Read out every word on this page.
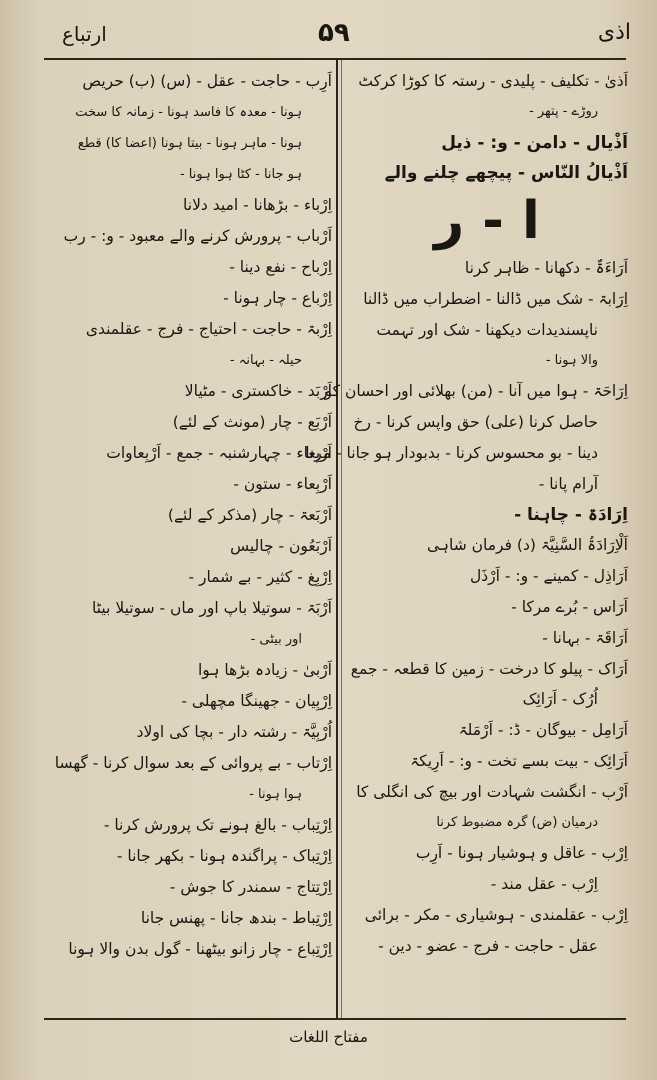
اذی
۵۹
ارتباع
اَذیٰ - تکلیف - پلیدی - رستہ کا کوڑا کرکٹ
روڑے - پتھر -
اَذْیال - دامن - و: - ذیل
اَذْیالُ النّاس - پیچھے چلنے والے
ا - ر
اَرَاءَۃٌ - دکھانا - ظاہر کرنا
اِرَابۃ - شک میں ڈالنا - اضطراب میں ڈالنا
ناپسندیدات دیکھنا - شک اور تہمت
والا ہونا -
اِرَاحَۃ - ہوا میں آنا - (من) بھلائی اور احسان کو
حاصل کرنا (علی) حق واپس کرنا - رخ
دینا - بو محسوس کرنا - بدبودار ہو جانا - مرنا
آرام پانا -
اِرَادَۃ - چاہنا -
اَلْاِرَادَۃُ السَّنِیَّۃ (د) فرمان شاہی
اَرَاذِل - کمینے - و: - اَرْذَل
اَرَاس - بُرے مرکا -
اَرَاقَۃ - بہانا -
اَرَاک - پیلو کا درخت - زمین کا قطعہ - جمع
اُرُک - اَرَائِک
اَرَامِل - بیوگان - ڈ: - اَرْمَلۃ
اَرَائِک - بیت بسے تخت - و: - اَرِیکۃ
اَرْب - انگشت شہادت اور بیچ کی انگلی کا
درمیان (ض) گرہ مضبوط کرنا
اِرْب - عاقل و ہوشیار ہونا - اَرِب
اِرْب - عقل مند -
اِرْب - عقلمندی - ہوشیاری - مکر - برائی
عقل - حاجت - فرج - عضو - دین -
اَرِب - حاجت - عقل - (س) (ب) حریص
ہونا - معدہ کا فاسد ہونا - زمانہ کا سخت
ہونا - ماہر ہونا - بیتا ہونا (اعضا کا) قطع
ہو جانا - کٹا ہوا ہونا -
اِرْباء - بڑھانا - امید دلانا
اَرْباب - پرورش کرنے والے معبود - و: - رب
اِرْباح - نفع دینا -
اِرْباع - چار ہونا -
اِرْبۃ - حاجت - احتیاج - فرج - عقلمندی
حیلہ - بہانہ -
اَرْبَد - خاکستری - مٹیالا
اَرْبَع - چار (مونث کے لئے)
اَرْبِعاء - چہارشنبہ - جمع - اَرْبِعاوات
اَرْبِعاء - ستون -
اَرْبَعۃ - چار (مذکر کے لئے)
اَرْبَعُون - چالیس
اِرْبِغ - کثیر - بے شمار -
اَرْبَۃ - سوتیلا باپ اور ماں - سوتیلا بیٹا
اور بیٹی -
اَرْبیٰ - زیادہ بڑھا ہوا
اِرْبِیان - جھینگا مچھلی -
اُرْبِیَّۃ - رشتہ دار - بچا کی اولاد
اِرْتاب - بے پروائی کے بعد سوال کرنا - گھسا
ہوا ہونا -
اِرْتِباب - بالغ ہونے تک پرورش کرنا -
اِرْتِباک - پراگندہ ہونا - بکھر جانا -
اِرْتِتاج - سمندر کا جوش -
اِرْتِباط - بندھ جانا - پھنس جانا
اِرْتِباع - چار زانو بیٹھنا - گول بدن والا ہونا
مفتاح اللغات
